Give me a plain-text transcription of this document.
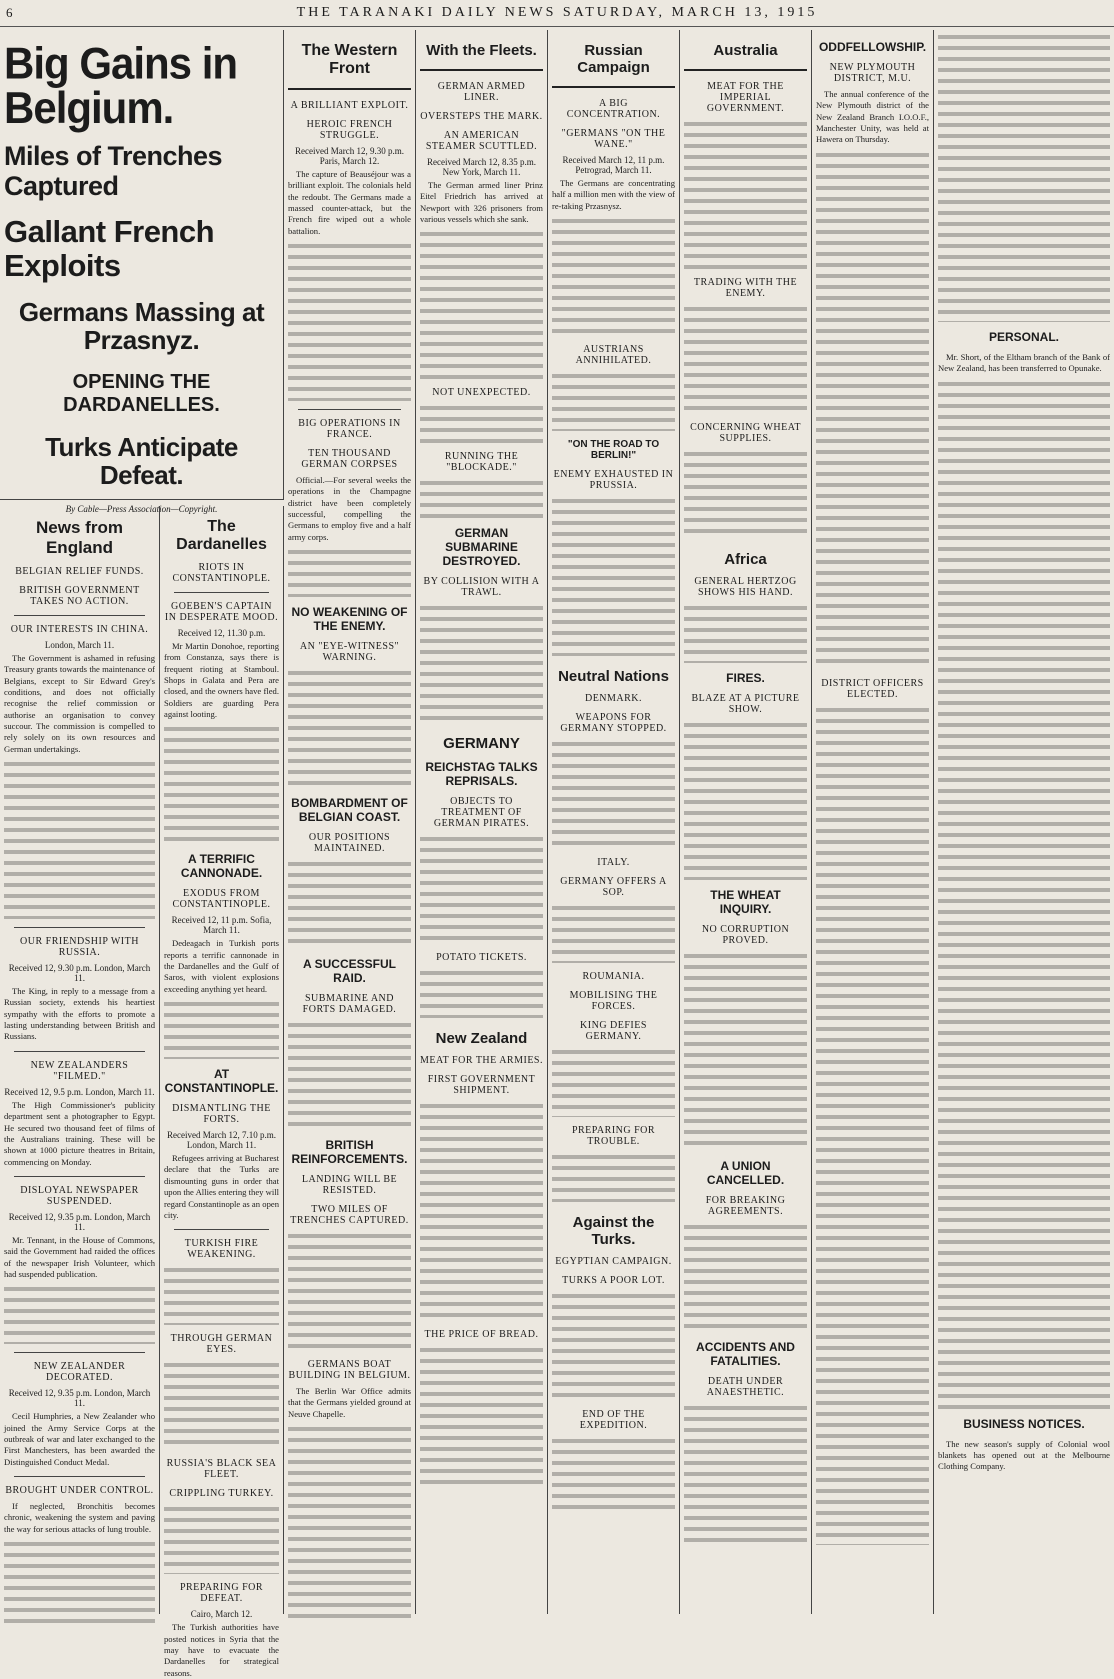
6	THE TARANAKI DAILY NEWS SATURDAY, MARCH 13, 1915
Big Gains in Belgium.
Miles of Trenches Captured
Gallant French Exploits
Germans Massing at Przasnyz.
OPENING THE DARDANELLES.
Turks Anticipate Defeat.
By Cable—Press Association—Copyright.
News from England
BELGIAN RELIEF FUNDS.
BRITISH GOVERNMENT TAKES NO ACTION.
OUR INTERESTS IN CHINA.
London, March 11.
The Government is ashamed in refusing Treasury grants towards the maintenance of Belgians, except to Sir Edward Grey's conditions, and does not officially recognise the relief commission or authorise an organisation to convey succour. The commission is compelled to rely solely on its own resources and German undertakings.
OUR FRIENDSHIP WITH RUSSIA.
Received 12, 9.30 p.m. London, March 11.
The King, in reply to a message from a Russian society, extends his heartiest sympathy with the efforts to promote a lasting understanding between British and Russians.
NEW ZEALANDERS "FILMED."
Received 12, 9.5 p.m. London, March 11.
The High Commissioner's publicity department sent a photographer to Egypt. He secured two thousand feet of films of the Australians training. These will be shown at 1000 picture theatres in Britain, commencing on Monday.
DISLOYAL NEWSPAPER SUSPENDED.
Received 12, 9.35 p.m. London, March 11.
Mr. Tennant, in the House of Commons, said the Government had raided the offices of the newspaper Irish Volunteer, which had suspended publication.
NEW ZEALANDER DECORATED.
Received 12, 9.35 p.m. London, March 11.
Cecil Humphries, a New Zealander who joined the Army Service Corps at the outbreak of war and later exchanged to the First Manchesters, has been awarded the Distinguished Conduct Medal.
BROUGHT UNDER CONTROL.
If neglected, Bronchitis becomes chronic, weakening the system and paving the way for serious attacks of lung trouble.
The Dardanelles
RIOTS IN CONSTANTINOPLE.
GOEBEN'S CAPTAIN IN DESPERATE MOOD.
Received 12, 11.30 p.m.
Mr Martin Donohoe, reporting from Constanza, says there is frequent rioting at Stamboul. Shops in Galata and Pera are closed, and the owners have fled. Soldiers are guarding Pera against looting.
A TERRIFIC CANNONADE.
EXODUS FROM CONSTANTINOPLE.
Received 12, 11 p.m. Sofia, March 11.
Dedeagach in Turkish ports reports a terrific cannonade in the Dardanelles and the Gulf of Saros, with violent explosions exceeding anything yet heard.
AT CONSTANTINOPLE.
DISMANTLING THE FORTS.
Received March 12, 7.10 p.m. London, March 11.
Refugees arriving at Bucharest declare that the Turks are dismounting guns in order that upon the Allies entering they will regard Constantinople as an open city.
TURKISH FIRE WEAKENING.
THROUGH GERMAN EYES.
RUSSIA'S BLACK SEA FLEET.
CRIPPLING TURKEY.
PREPARING FOR DEFEAT.
Cairo, March 12.
The Turkish authorities have posted notices in Syria that the may have to evacuate the Dardanelles for strategical reasons.
The Western Front
A BRILLIANT EXPLOIT.
HEROIC FRENCH STRUGGLE.
Received March 12, 9.30 p.m. Paris, March 12.
The capture of Beauséjour was a brilliant exploit. The colonials held the redoubt. The Germans made a massed counter-attack, but the French fire wiped out a whole battalion.
BIG OPERATIONS IN FRANCE.
TEN THOUSAND GERMAN CORPSES
Official.—For several weeks the operations in the Champagne district have been completely successful, compelling the Germans to employ five and a half army corps.
NO WEAKENING OF THE ENEMY.
AN "EYE-WITNESS" WARNING.
BOMBARDMENT OF BELGIAN COAST.
OUR POSITIONS MAINTAINED.
A SUCCESSFUL RAID.
SUBMARINE AND FORTS DAMAGED.
BRITISH REINFORCEMENTS.
LANDING WILL BE RESISTED.
TWO MILES OF TRENCHES CAPTURED.
GERMANS BOAT BUILDING IN BELGIUM.
The Berlin War Office admits that the Germans yielded ground at Neuve Chapelle.
With the Fleets.
GERMAN ARMED LINER.
OVERSTEPS THE MARK.
AN AMERICAN STEAMER SCUTTLED.
Received March 12, 8.35 p.m. New York, March 11.
The German armed liner Prinz Eitel Friedrich has arrived at Newport with 326 prisoners from various vessels which she sank.
NOT UNEXPECTED.
RUNNING THE "BLOCKADE."
GERMAN SUBMARINE DESTROYED.
BY COLLISION WITH A TRAWL.
GERMANY
REICHSTAG TALKS REPRISALS.
OBJECTS TO TREATMENT OF GERMAN PIRATES.
POTATO TICKETS.
New Zealand
MEAT FOR THE ARMIES.
FIRST GOVERNMENT SHIPMENT.
THE PRICE OF BREAD.
Russian Campaign
A BIG CONCENTRATION.
"GERMANS "ON THE WANE."
Received March 12, 11 p.m. Petrograd, March 11.
The Germans are concentrating half a million men with the view of re-taking Przasnysz.
AUSTRIANS ANNIHILATED.
"ON THE ROAD TO BERLIN!"
ENEMY EXHAUSTED IN PRUSSIA.
Neutral Nations
DENMARK.
WEAPONS FOR GERMANY STOPPED.
ITALY.
GERMANY OFFERS A SOP.
ROUMANIA.
MOBILISING THE FORCES.
KING DEFIES GERMANY.
PREPARING FOR TROUBLE.
Against the Turks.
EGYPTIAN CAMPAIGN.
TURKS A POOR LOT.
END OF THE EXPEDITION.
Australia
MEAT FOR THE IMPERIAL GOVERNMENT.
TRADING WITH THE ENEMY.
CONCERNING WHEAT SUPPLIES.
Africa
GENERAL HERTZOG SHOWS HIS HAND.
FIRES.
BLAZE AT A PICTURE SHOW.
THE WHEAT INQUIRY.
NO CORRUPTION PROVED.
A UNION CANCELLED.
FOR BREAKING AGREEMENTS.
ACCIDENTS AND FATALITIES.
DEATH UNDER ANAESTHETIC.
ODDFELLOWSHIP.
NEW PLYMOUTH DISTRICT, M.U.
The annual conference of the New Plymouth district of the New Zealand Branch I.O.O.F., Manchester Unity, was held at Hawera on Thursday.
DISTRICT OFFICERS ELECTED.
PERSONAL.
Mr. Short, of the Eltham branch of the Bank of New Zealand, has been transferred to Opunake.
BUSINESS NOTICES.
The new season's supply of Colonial wool blankets has opened out at the Melbourne Clothing Company.
